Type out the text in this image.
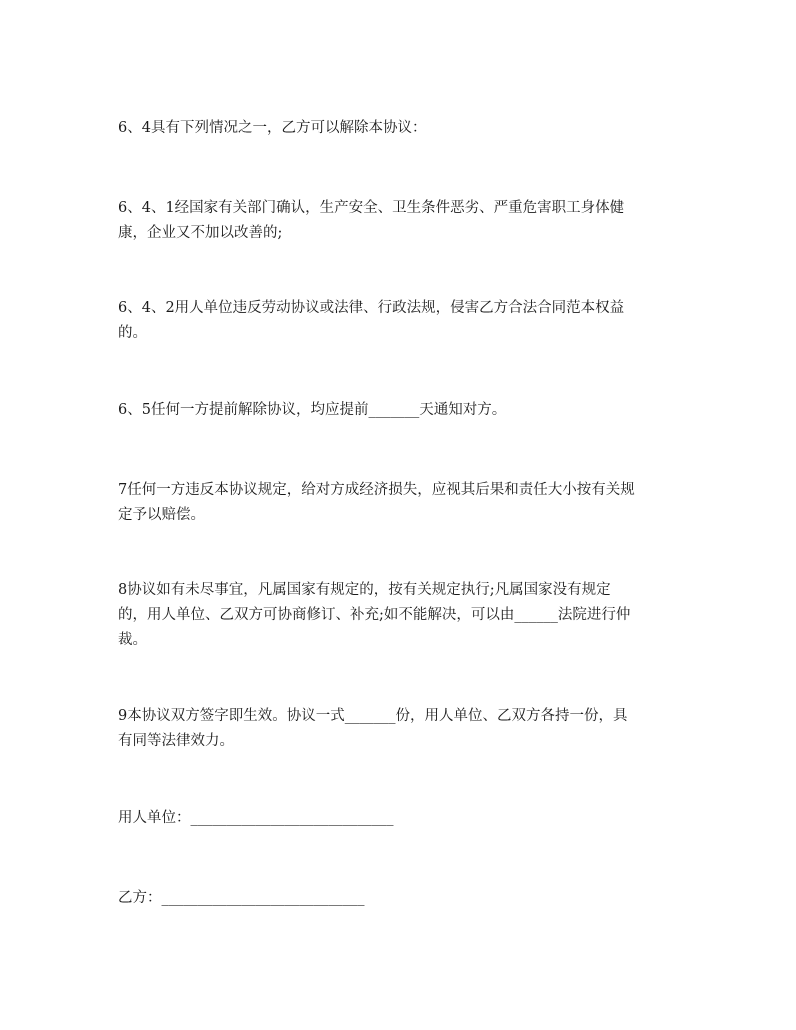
6、4具有下列情况之一，乙方可以解除本协议：

6、4、1经国家有关部门确认，生产安全、卫生条件恶劣、严重危害职工身体健
康，企业又不加以改善的;

6、4、2用人单位违反劳动协议或法律、行政法规，侵害乙方合法合同范本权益
的。

6、5任何一方提前解除协议，均应提前_______天通知对方。

7任何一方违反本协议规定，给对方成经济损失，应视其后果和责任大小按有关规
定予以赔偿。

8协议如有未尽事宜，凡属国家有规定的，按有关规定执行;凡属国家没有规定
的，用人单位、乙双方可协商修订、补充;如不能解决，可以由______法院进行仲
裁。

9本协议双方签字即生效。协议一式_______份，用人单位、乙双方各持一份，具
有同等法律效力。

用人单位：____________________________
乙方：____________________________
